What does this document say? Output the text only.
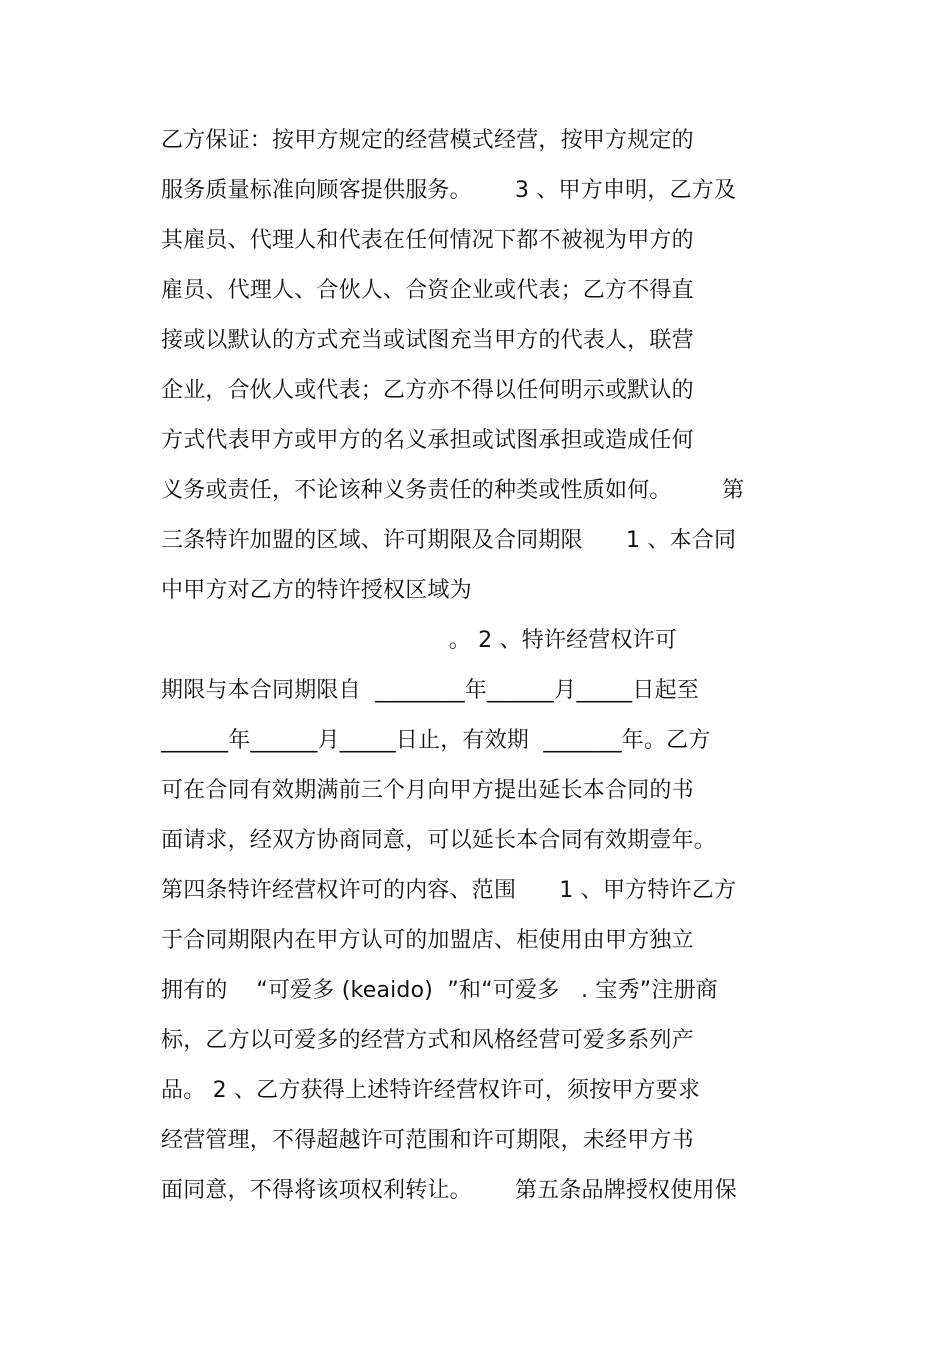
乙方保证：按甲方规定的经营模式经营，按甲方规定的
服务质量标准向顾客提供服务。      3 、甲方申明，乙方及
其雇员、代理人和代表在任何情况下都不被视为甲方的
雇员、代理人、合伙人、合资企业或代表；乙方不得直
接或以默认的方式充当或试图充当甲方的代表人，联营
企业，合伙人或代表；乙方亦不得以任何明示或默认的
方式代表甲方或甲方的名义承担或试图承担或造成任何
义务或责任，不论该种义务责任的种类或性质如何。       第
三条特许加盟的区域、许可期限及合同期限      1 、本合同
中甲方对乙方的特许授权区域为
。 2 、特许经营权许可
期限与本合同期限自  ________年______月_____日起至
______年______月_____日止，有效期  _______年。乙方
可在合同有效期满前三个月向甲方提出延长本合同的书
面请求，经双方协商同意，可以延长本合同有效期壹年。
第四条特许经营权许可的内容、范围      1 、甲方特许乙方
于合同期限内在甲方认可的加盟店、柜使用由甲方独立
拥有的    “可爱多 (keaido)  ”和“可爱多   . 宝秀”注册商
标，乙方以可爱多的经营方式和风格经营可爱多系列产
品。 2 、乙方获得上述特许经营权许可，须按甲方要求
经营管理，不得超越许可范围和许可期限，未经甲方书
面同意，不得将该项权利转让。      第五条品牌授权使用保
